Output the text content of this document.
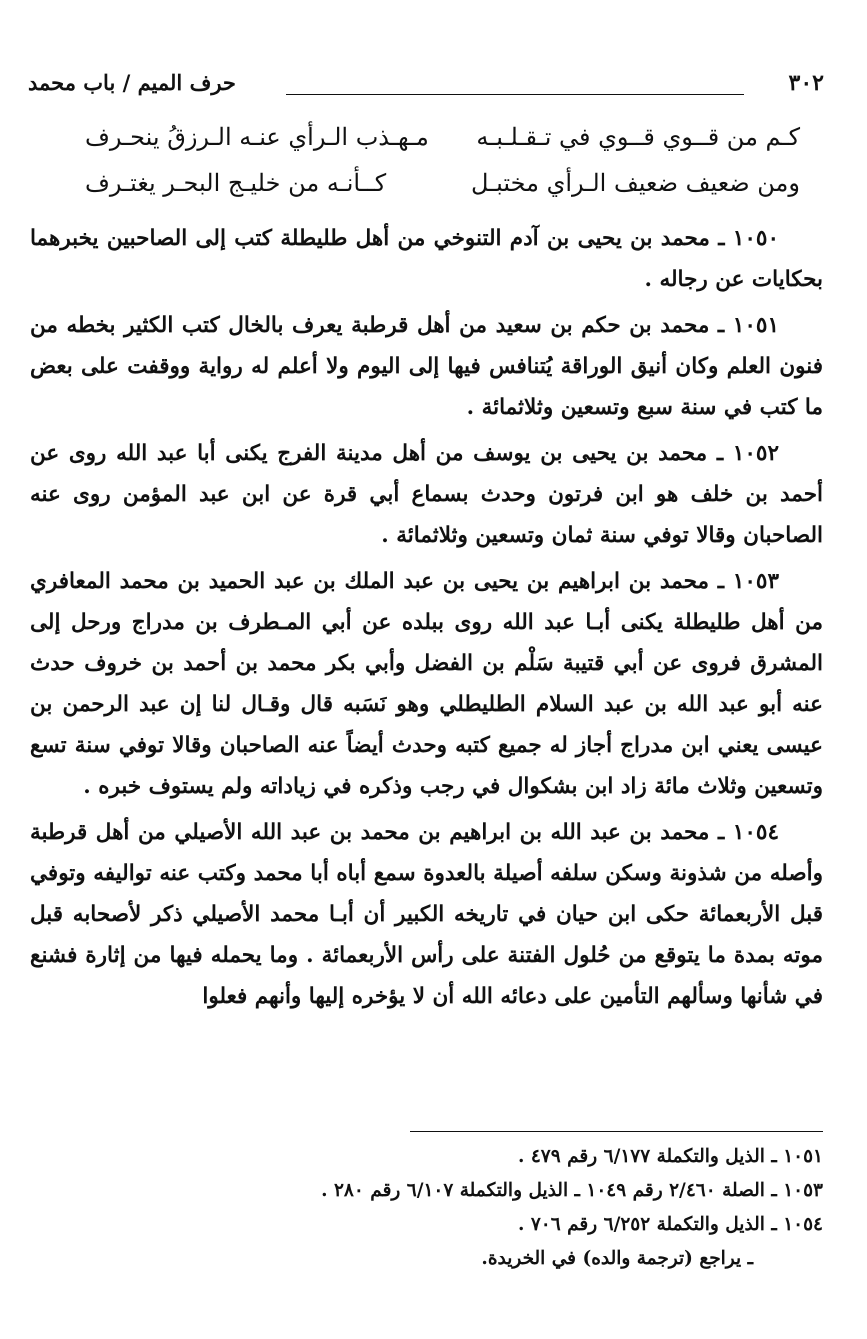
حرف الميم / باب محمد	٣٠٢
كـم من قــوي قــوي في تـقـلـبـه
مـهـذب الـرأي عنـه الـرزقُ ينحـرف
ومن ضعيف ضعيف الـرأي مختبـل
كــأنـه من خليـج البحـر يغتـرف

١٠٥٠ ـ محمد بن يحيى بن آدم التنوخي من أهل طليطلة كتب إلى الصاحبين يخبرهما بحكايات عن رجاله .

١٠٥١ ـ محمد بن حكم بن سعيد من أهل قرطبة يعرف بالخال كتب الكثير بخطه من فنون العلم وكان أنيق الوراقة يُتنافس فيها إلى اليوم ولا أعلم له رواية ووقفت على بعض ما كتب في سنة سبع وتسعين وثلاثمائة .

١٠٥٢ ـ محمد بن يحيى بن يوسف من أهل مدينة الفرج يكنى أبا عبد الله روى عن أحمد بن خلف هو ابن فرتون وحدث بسماع أبي قرة عن ابن عبد المؤمن روى عنه الصاحبان وقالا توفي سنة ثمان وتسعين وثلاثمائة .

١٠٥٣ ـ محمد بن ابراهيم بن يحيى بن عبد الملك بن عبد الحميد بن محمد المعافري من أهل طليطلة يكنى أبـا عبد الله روى ببلده عن أبي المـطرف بن مدراج ورحل إلى المشرق فروى عن أبي قتيبة سَلْم بن الفضل وأبي بكر محمد بن أحمد بن خروف حدث عنه أبو عبد الله بن عبد السلام الطليطلي وهو نَسَبه قال وقـال لنا إن عبد الرحمن بن عيسى يعني ابن مدراج أجاز له جميع كتبه وحدث أيضاً عنه الصاحبان وقالا توفي سنة تسع وتسعين وثلاث مائة زاد ابن بشكوال في رجب وذكره في زياداته ولم يستوف خبره .

١٠٥٤ ـ محمد بن عبد الله بن ابراهيم بن محمد بن عبد الله الأصيلي من أهل قرطبة وأصله من شذونة وسكن سلفه أصيلة بالعدوة سمع أباه أبا محمد وكتب عنه تواليفه وتوفي قبل الأربعمائة حكى ابن حيان في تاريخه الكبير أن أبـا محمد الأصيلي ذكر لأصحابه قبل موته بمدة ما يتوقع من حُلول الفتنة على رأس الأربعمائة . وما يحمله فيها من إثارة فشنع في شأنها وسألهم التأمين على دعائه الله أن لا يؤخره إليها وأنهم فعلوا

١٠٥١ ـ الذيل والتكملة ٦/١٧٧ رقم ٤٧٩ .

١٠٥٣ ـ الصلة ٢/٤٦٠ رقم ١٠٤٩ ـ الذيل والتكملة ٦/١٠٧ رقم ٢٨٠ .

١٠٥٤ ـ الذيل والتكملة ٦/٢٥٢ رقم ٧٠٦ .

ـ يراجع (ترجمة والده) في الخريدة.
